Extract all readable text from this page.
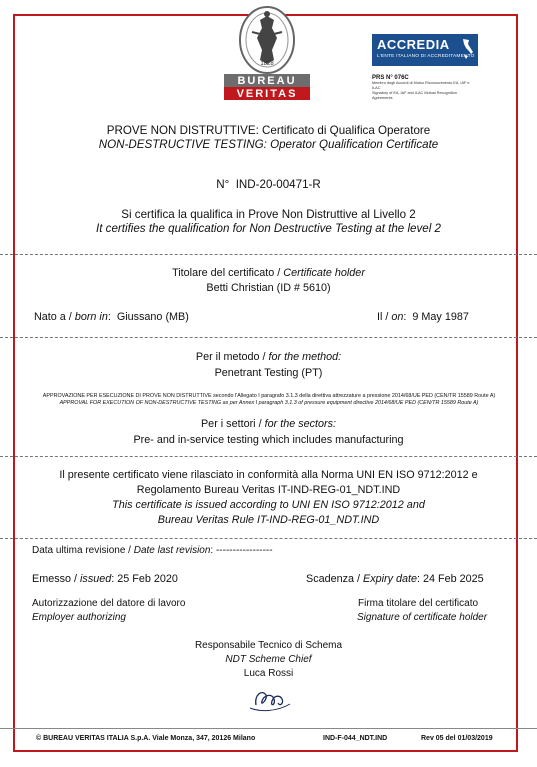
1828
BUREAU
VERITAS
ACCREDIA
L'ENTE ITALIANO DI ACCREDITAMENTO
PRS N° 076C
Membro degli Accordi di Mutuo Riconoscimento EA, IAF e ILAC
Signatory of EA, IAF and ILAC Mutual Recognition Agreements
PROVE NON DISTRUTTIVE: Certificato di Qualifica Operatore
NON-DESTRUCTIVE TESTING: Operator Qualification Certificate
N° IND-20-00471-R
Si certifica la qualifica in Prove Non Distruttive al Livello 2
It certifies the qualification for Non Destructive Testing at the level 2
Titolare del certificato / Certificate holder
Betti Christian (ID # 5610)
Nato a / born in:  Giussano (MB)	Il / on:  9 May 1987
Per il metodo / for the method:
Penetrant Testing (PT)
APPROVAZIONE PER ESECUZIONE DI PROVE NON DISTRUTTIVE secondo l'Allegato I paragrafo 3.1.3 della direttiva attrezzature a pressione 2014/68/UE PED (CEN/TR 15589 Route A)
APPROVAL FOR EXECUTION OF NON-DESTRUCTIVE TESTING as per Annex I paragraph 3.1.3 of pressure equipment directive 2014/68/UE PED (CEN/TR 15589 Route A)
Per i settori / for the sectors:
Pre- and in-service testing which includes manufacturing
Il presente certificato viene rilasciato in conformità alla Norma UNI EN ISO 9712:2012 e
Regolamento Bureau Veritas IT-IND-REG-01_NDT.IND
This certificate is issued according to UNI EN ISO 9712:2012 and
Bureau Veritas Rule IT-IND-REG-01_NDT.IND
Data ultima revisione / Date last revision: -----------------
Emesso / issued: 25 Feb 2020	Scadenza / Expiry date: 24 Feb 2025
Autorizzazione del datore di lavoro
Employer authorizing
Firma titolare del certificato
Signature of certificate holder
Responsabile Tecnico di Schema
NDT Scheme Chief
Luca Rossi
© BUREAU VERITAS ITALIA S.p.A. Viale Monza, 347, 20126 Milano	IND-F-044_NDT.IND	Rev 05 del 01/03/2019
